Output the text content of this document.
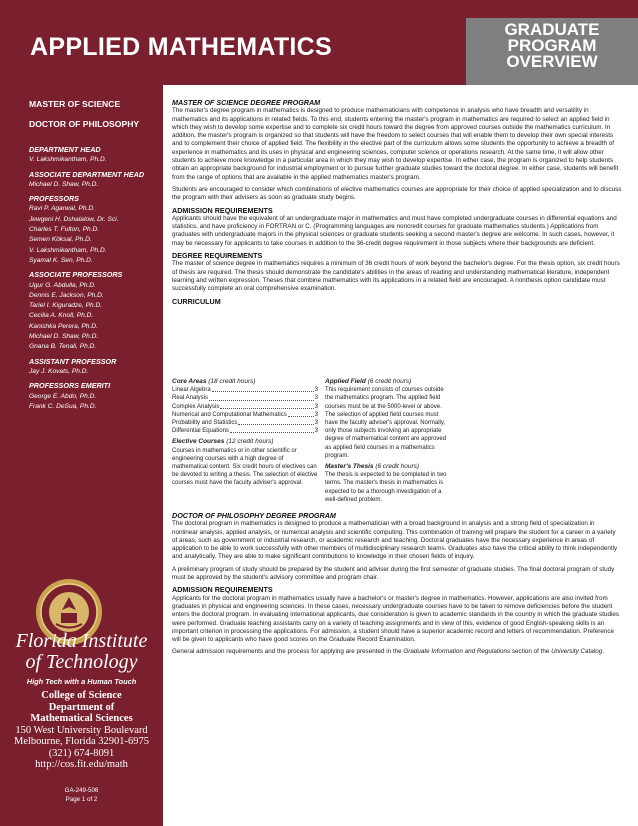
APPLIED MATHEMATICS
GRADUATE
PROGRAM
OVERVIEW
MASTER OF SCIENCE
DOCTOR OF PHILOSOPHY
DEPARTMENT HEAD
V. Lakshmikantham, Ph.D.
ASSOCIATE DEPARTMENT HEAD
Michael D. Shaw, Ph.D.
PROFESSORS
Ravi P. Agarwal, Ph.D.
Jewgeni H. Dshalalow, Dr. Sci.
Charles T. Fulton, Ph.D.
Semen Köksal, Ph.D.
V. Lakshmikantham, Ph.D.
Syamal K. Sen, Ph.D.
ASSOCIATE PROFESSORS
Ugur G. Abdulla, Ph.D.
Dennis E. Jackson, Ph.D.
Tariel I. Kiguradze, Ph.D.
Cecilia A. Knoll, Ph.D.
Kanishka Perera, Ph.D.
Michael D. Shaw, Ph.D.
Gnana B. Tenali, Ph.D.
ASSISTANT PROFESSOR
Jay J. Kovats, Ph.D.
PROFESSORS EMERITI
George E. Abdo, Ph.D.
Frank C. DeSua, Ph.D.
Florida Institute
of Technology
High Tech with a Human Touch
College of Science
Department of
Mathematical Sciences
150 West University Boulevard
Melbourne, Florida 32901-6975
(321) 674-8091
http://cos.fit.edu/math
GA-249-506
Page 1 of 2
MASTER OF SCIENCE DEGREE PROGRAM

The master's degree program in mathematics is designed to produce mathematicians with competence in analysis who have breadth and versatility in mathematics and its applications in related fields. To this end, students entering the master's program in mathematics are required to select an applied field in which they wish to develop some expertise and to complete six credit hours toward the degree from approved courses outside the mathematics curriculum. In addition, the master's program is organized so that students will have the freedom to select courses that will enable them to develop their own special interests and to complement their choice of applied field. The flexibility in the elective part of the curriculum allows some students the opportunity to achieve a breadth of experience in mathematics and its uses in physical and engineering sciences, computer science or operations research. At the same time, it will allow other students to achieve more knowledge in a particular area in which they may wish to develop expertise. In either case, the program is organized to help students obtain an appropriate background for industrial employment or to pursue further graduate studies toward the doctoral degree. In either case, students will benefit from the range of options that are available in the applied mathematics master's program.

Students are encouraged to consider which combinations of elective mathematics courses are appropriate for their choice of applied specialization and to discuss the program with their advisers as soon as graduate study begins.

ADMISSION REQUIREMENTS

Applicants should have the equivalent of an undergraduate major in mathematics and must have completed undergraduate courses in differential equations and statistics, and have proficiency in FORTRAN or C. (Programming languages are noncredit courses for graduate mathematics students.) Applications from graduates with undergraduate majors in the physical sciences or graduate students seeking a second master's degree are welcome. In such cases, however, it may be necessary for applicants to take courses in addition to the 36-credit degree requirement in those subjects where their backgrounds are deficient.

DEGREE REQUIREMENTS

The master of science degree in mathematics requires a minimum of 36 credit hours of work beyond the bachelor's degree. For the thesis option, six credit hours of thesis are required. The thesis should demonstrate the candidate's abilities in the areas of reading and understanding mathematical literature, independent learning and written expression. Theses that combine mathematics with its applications in a related field are encouraged. A nonthesis option candidate must successfully complete an oral comprehensive examination.

CURRICULUM
Core Areas (18 credit hours)
Linear Algebra	3
Real Analysis	3
Complex Analysis	3
Numerical and Computational Mathematics	3
Probability and Statistics	3
Differential Equations	3
Elective Courses (12 credit hours)
Courses in mathematics or in other scientific or engineering courses with a high degree of mathematical content. Six credit hours of electives can be devoted to writing a thesis. The selection of elective courses must have the faculty adviser's approval.
Applied Field (6 credit hours)
This requirement consists of courses outside the mathematics program. The applied field courses must be at the 5000-level or above. The selection of applied field courses must have the faculty adviser's approval. Normally, only those subjects involving an appropriate degree of mathematical content are approved as applied field courses in a mathematics program.
Master's Thesis (6 credit hours)
The thesis is expected to be completed in two terms. The master's thesis in mathematics is expected to be a thorough investigation of a well-defined problem.
DOCTOR OF PHILOSOPHY DEGREE PROGRAM

The doctoral program in mathematics is designed to produce a mathematician with a broad background in analysis and a strong field of specialization in nonlinear analysis, applied analysis, or numerical analysis and scientific computing. This combination of training will prepare the student for a career in a variety of areas, such as government or industrial research, or academic research and teaching. Doctoral graduates have the necessary experience in areas of application to be able to work successfully with other members of multidisciplinary research teams. Graduates also have the critical ability to think independently and analytically. They are able to make significant contributions to knowledge in their chosen fields of inquiry.

A preliminary program of study should be prepared by the student and adviser during the first semester of graduate studies. The final doctoral program of study must be approved by the student's advisory committee and program chair.

ADMISSION REQUIREMENTS

Applicants for the doctoral program in mathematics usually have a bachelor's or master's degree in mathematics. However, applications are also invited from graduates in physical and engineering sciences. In these cases, necessary undergraduate courses have to be taken to remove deficiencies before the student enters the doctoral program. In evaluating international applicants, due consideration is given to academic standards in the country in which the graduate studies were performed. Graduate teaching assistants carry on a variety of teaching assignments and in view of this, evidence of good English-speaking skills is an important criterion in processing the applications. For admission, a student should have a superior academic record and letters of recommendation. Preference will be given to applicants who have good scores on the Graduate Record Examination.

General admission requirements and the process for applying are presented in the Graduate Information and Regulations section of the University Catalog.
